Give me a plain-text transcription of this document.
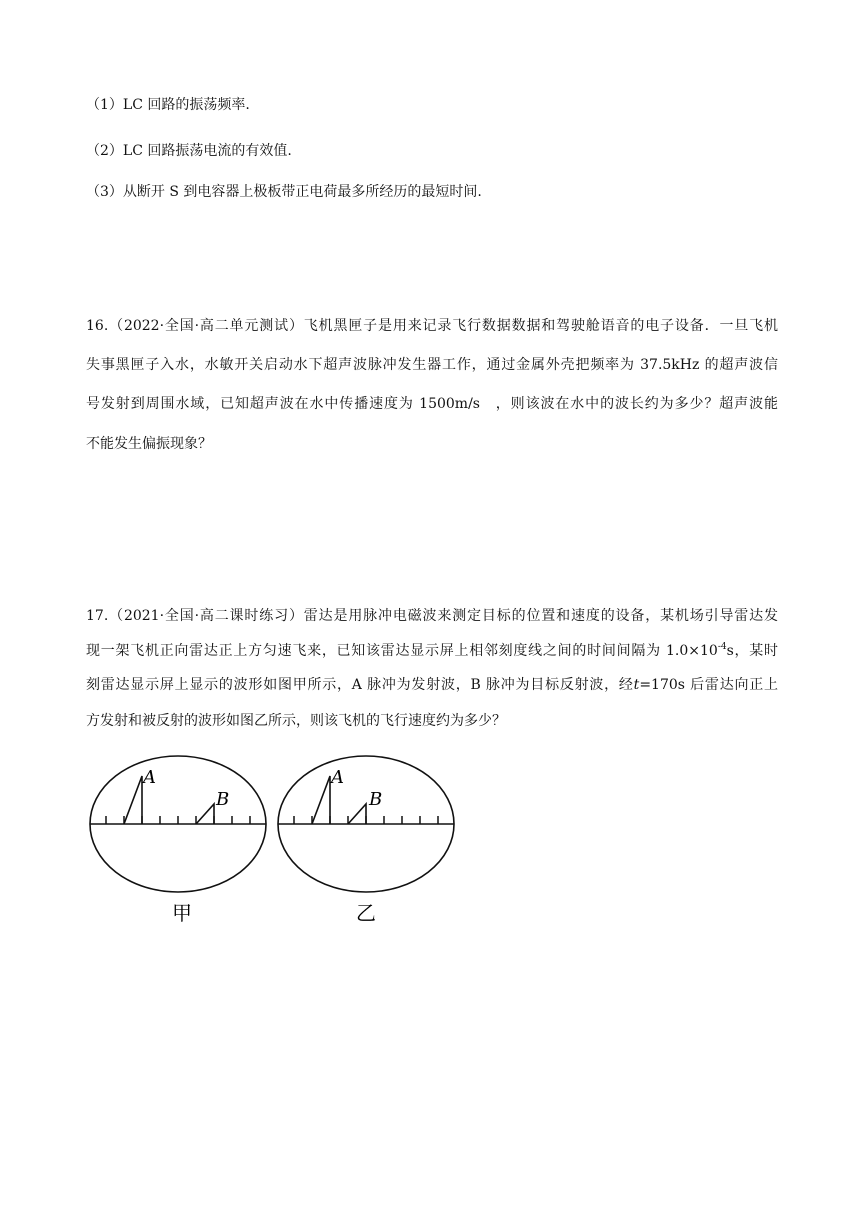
（1）LC 回路的振荡频率.
（2）LC 回路振荡电流的有效值.
（3）从断开 S 到电容器上极板带正电荷最多所经历的最短时间.
16.（2022·全国·高二单元测试）飞机黑匣子是用来记录飞行数据数据和驾驶舱语音的电子设备．一旦飞机
失事黑匣子入水，水敏开关启动水下超声波脉冲发生器工作，通过金属外壳把频率为 37.5kHz 的超声波信
号发射到周围水域，已知超声波在水中传播速度为 1500m/s　，则该波在水中的波长约为多少？超声波能
不能发生偏振现象？
17.（2021·全国·高二课时练习）雷达是用脉冲电磁波来测定目标的位置和速度的设备，某机场引导雷达发
现一架飞机正向雷达正上方匀速飞来，已知该雷达显示屏上相邻刻度线之间的时间间隔为 $1.0\times 10^{-4}s$，某时
刻雷达显示屏上显示的波形如图甲所示，A 脉冲为发射波，B 脉冲为目标反射波，经t=170s 后雷达向正上
方发射和被反射的波形如图乙所示，则该飞机的飞行速度约为多少？
A
B
A
B
甲	乙
